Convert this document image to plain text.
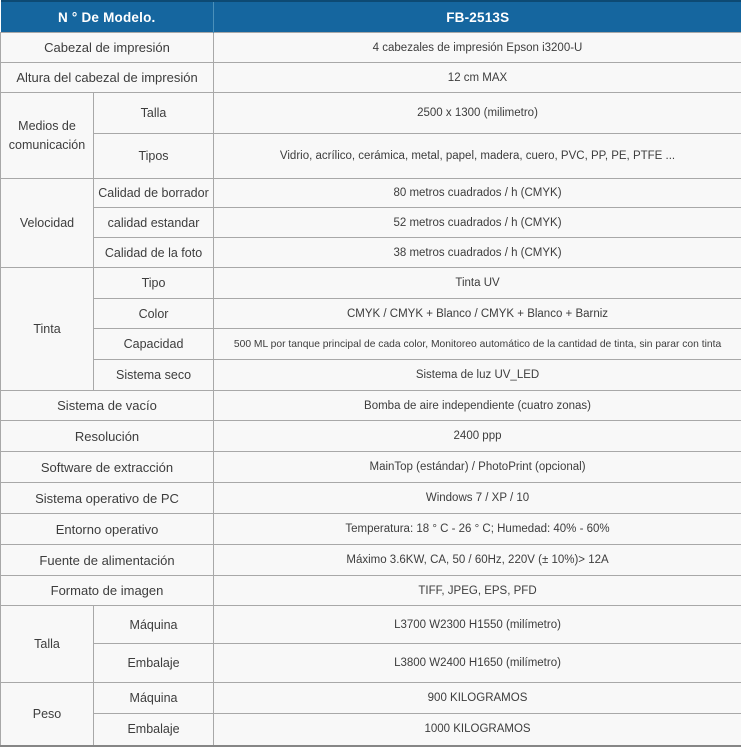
N ° De Modelo.		FB-2513S
Cabezal de impresión		4 cabezales de impresión Epson i3200-U
Altura del cabezal de impresión		12 cm MAX
Medios de comunicación	Talla	2500 x 1300 (milimetro)
	Tipos	Vidrio, acrílico, cerámica, metal, papel, madera, cuero, PVC, PP, PE, PTFE ...
Velocidad	Calidad de borrador	80 metros cuadrados / h (CMYK)
	calidad estandar	52 metros cuadrados / h (CMYK)
	Calidad de la foto	38 metros cuadrados / h (CMYK)
Tinta	Tipo	Tinta UV
	Color	CMYK / CMYK + Blanco / CMYK + Blanco + Barniz
	Capacidad	500 ML por tanque principal de cada color, Monitoreo automático de la cantidad de tinta, sin parar con tinta
	Sistema seco	Sistema de luz UV_LED
Sistema de vacío		Bomba de aire independiente (cuatro zonas)
Resolución		2400 ppp
Software de extracción		MainTop (estándar) / PhotoPrint (opcional)
Sistema operativo de PC		Windows 7 / XP / 10
Entorno operativo		Temperatura: 18 ° C - 26 ° C; Humedad: 40% - 60%
Fuente de alimentación		Máximo 3.6KW, CA, 50 / 60Hz, 220V (± 10%)> 12A
Formato de imagen		TIFF, JPEG, EPS, PFD
Talla	Máquina	L3700 W2300 H1550 (milímetro)
	Embalaje	L3800 W2400 H1650 (milímetro)
Peso	Máquina	900 KILOGRAMOS
	Embalaje	1000 KILOGRAMOS
